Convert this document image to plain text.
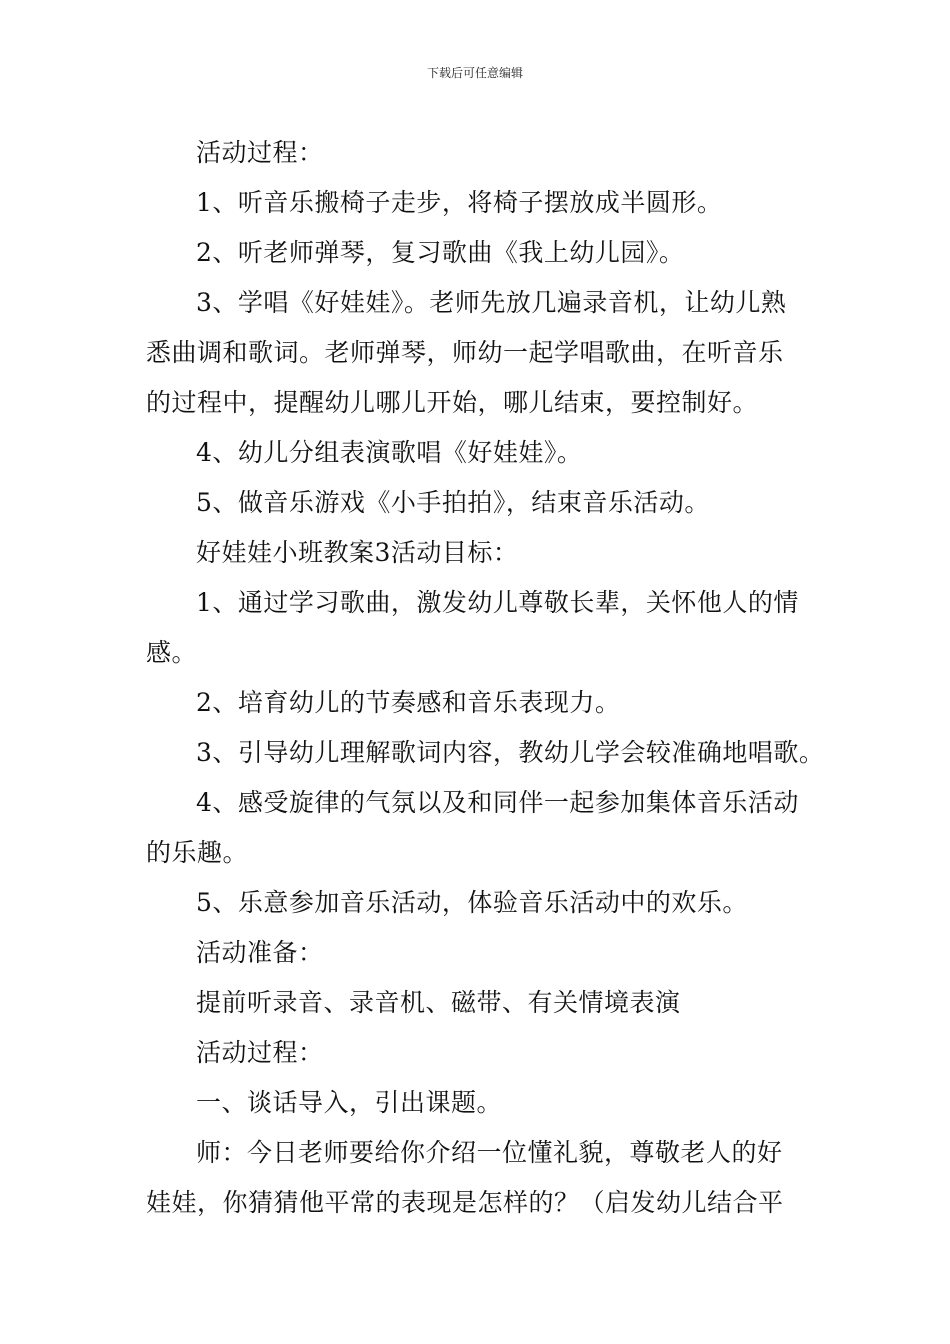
下载后可任意编辑
活动过程：
1、听音乐搬椅子走步，将椅子摆放成半圆形。
2、听老师弹琴，复习歌曲《我上幼儿园》。
3、学唱《好娃娃》。老师先放几遍录音机，让幼儿熟
悉曲调和歌词。老师弹琴，师幼一起学唱歌曲，在听音乐
的过程中，提醒幼儿哪儿开始，哪儿结束，要控制好。
4、幼儿分组表演歌唱《好娃娃》。
5、做音乐游戏《小手拍拍》，结束音乐活动。
好娃娃小班教案3活动目标：
1、通过学习歌曲，激发幼儿尊敬长辈，关怀他人的情
感。
2、培育幼儿的节奏感和音乐表现力。
3、引导幼儿理解歌词内容，教幼儿学会较准确地唱歌。
4、感受旋律的气氛以及和同伴一起参加集体音乐活动
的乐趣。
5、乐意参加音乐活动，体验音乐活动中的欢乐。
活动准备：
提前听录音、录音机、磁带、有关情境表演
活动过程：
一、谈话导入，引出课题。
师：今日老师要给你介绍一位懂礼貌，尊敬老人的好
娃娃，你猜猜他平常的表现是怎样的？（启发幼儿结合平
